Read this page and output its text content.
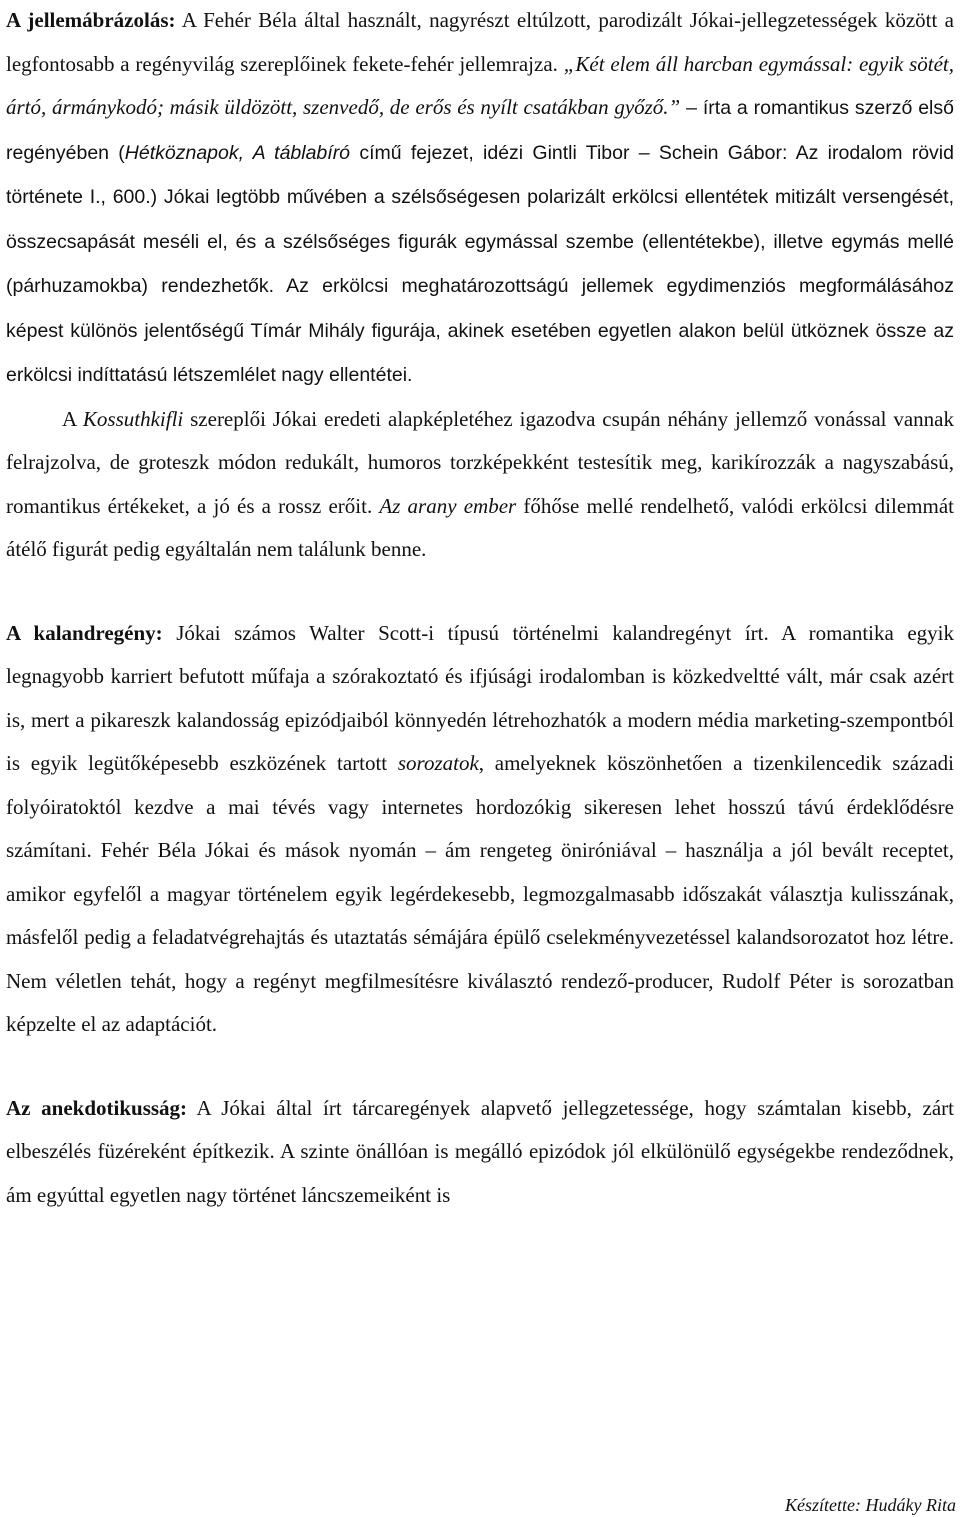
A jellemábrázolás: A Fehér Béla által használt, nagyrészt eltúlzott, parodizált Jókai-jellegzetességek között a legfontosabb a regényvilág szereplőinek fekete-fehér jellemrajza. „Két elem áll harcban egymással: egyik sötét, ártó, ármánykodó; másik üldözött, szenvedő, de erős és nyílt csatákban győző.” – írta a romantikus szerző első regényében (Hétköznapok, A táblabíró című fejezet, idézi Gintli Tibor – Schein Gábor: Az irodalom rövid története I., 600.) Jókai legtöbb művében a szélsőségesen polarizált erkölcsi ellentétek mitizált versengését, összecsapását meséli el, és a szélsőséges figurák egymással szembe (ellentétekbe), illetve egymás mellé (párhuzamokba) rendezhetők. Az erkölcsi meghatározottságú jellemek egydimenziós megformálásához képest különös jelentőségű Tímár Mihály figurája, akinek esetében egyetlen alakon belül ütköznek össze az erkölcsi indíttatású létszemlélet nagy ellentétei.

A Kossuthkifli szereplői Jókai eredeti alapképletéhez igazodva csupán néhány jellemző vonással vannak felrajzolva, de groteszk módon redukált, humoros torzképekként testesítik meg, karikírozzák a nagyszabású, romantikus értékeket, a jó és a rossz erőit. Az arany ember főhőse mellé rendelhető, valódi erkölcsi dilemmát átélő figurát pedig egyáltalán nem találunk benne.

A kalandregény: Jókai számos Walter Scott-i típusú történelmi kalandregényt írt. A romantika egyik legnagyobb karriert befutott műfaja a szórakoztató és ifjúsági irodalomban is közkedveltté vált, már csak azért is, mert a pikareszk kalandosság epizódjaiból könnyedén létrehozhatók a modern média marketing-szempontból is egyik legütőképesebb eszközének tartott sorozatok, amelyeknek köszönhetően a tizenkilencedik századi folyóiratoktól kezdve a mai tévés vagy internetes hordozókig sikeresen lehet hosszú távú érdeklődésre számítani. Fehér Béla Jókai és mások nyomán – ám rengeteg öniróniával – használja a jól bevált receptet, amikor egyfelől a magyar történelem egyik legérdekesebb, legmozgalmasabb időszakát választja kulisszának, másfelől pedig a feladatvégrehajtás és utaztatás sémájára épülő cselekményvezetéssel kalandsorozatot hoz létre. Nem véletlen tehát, hogy a regényt megfilmesítésre kiválasztó rendező-producer, Rudolf Péter is sorozatban képzelte el az adaptációt.

Az anekdotikusság: A Jókai által írt tárcaregények alapvető jellegzetessége, hogy számtalan kisebb, zárt elbeszélés füzéreként építkezik. A szinte önállóan is megálló epizódok jól elkülönülő egységekbe rendeződnek, ám egyúttal egyetlen nagy történet láncszemeiként is

Készítette: Hudáky Rita
